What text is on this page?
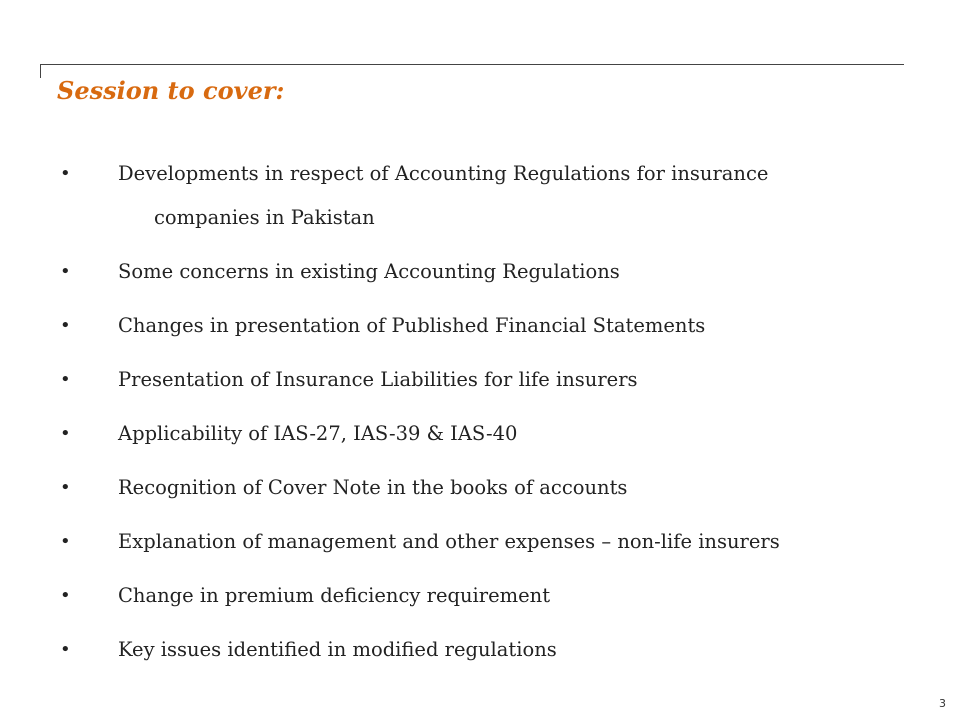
Session to cover:
•	Developments in respect of Accounting Regulations for insurance
companies in Pakistan
•	Some concerns in existing Accounting Regulations
•	Changes in presentation of Published Financial Statements
•	Presentation of Insurance Liabilities for life insurers
•	Applicability of IAS-27, IAS-39 & IAS-40
•	Recognition of Cover Note in the books of accounts
•	Explanation of management and other expenses – non-life insurers
•	Change in premium deficiency requirement
•	Key issues identified in modified regulations
3
